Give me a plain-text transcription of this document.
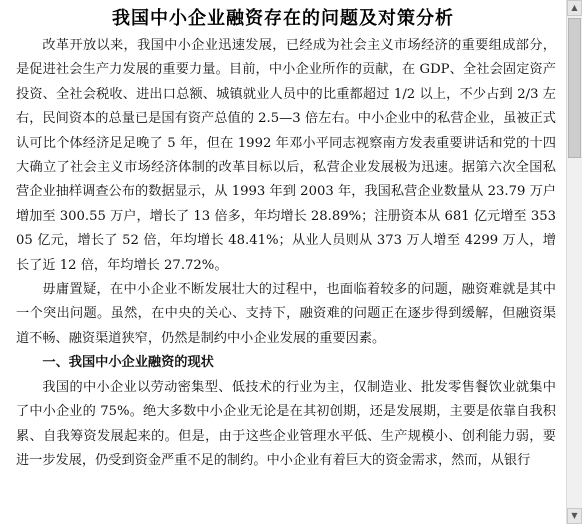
我国中小企业融资存在的问题及对策分析

改革开放以来，我国中小企业迅速发展，已经成为社会主义市场经济的重要组成部分，是促进社会生产力发展的重要力量。目前，中小企业所作的贡献，在 GDP、全社会固定资产投资、全社会税收、进出口总额、城镇就业人员中的比重都超过 1/2 以上，不少占到 2/3 左右，民间资本的总量已是国有资产总值的 2.5—3 倍左右。中小企业中的私营企业，虽被正式认可比个体经济足足晚了 5 年，但在 1992 年邓小平同志视察南方发表重要讲话和党的十四大确立了社会主义市场经济体制的改革目标以后，私营企业发展极为迅速。据第六次全国私营企业抽样调查公布的数据显示，从 1993 年到 2003 年，我国私营企业数量从 23.79 万户增加至 300.55 万户，增长了 13 倍多，年均增长 28.89%；注册资本从 681 亿元增至 35305 亿元，增长了 52 倍，年均增长 48.41%；从业人员则从 373 万人增至 4299 万人，增长了近 12 倍，年均增长 27.72%。

毋庸置疑，在中小企业不断发展壮大的过程中，也面临着较多的问题，融资难就是其中一个突出问题。虽然，在中央的关心、支持下，融资难的问题正在逐步得到缓解，但融资渠道不畅、融资渠道狭窄，仍然是制约中小企业发展的重要因素。

一、我国中小企业融资的现状

我国的中小企业以劳动密集型、低技术的行业为主，仅制造业、批发零售餐饮业就集中了中小企业的 75%。绝大多数中小企业无论是在其初创期，还是发展期，主要是依靠自我积累、自我筹资发展起来的。但是，由于这些企业管理水平低、生产规模小、创利能力弱，要进一步发展，仍受到资金严重不足的制约。中小企业有着巨大的资金需求，然而，从银行

▲
▼
